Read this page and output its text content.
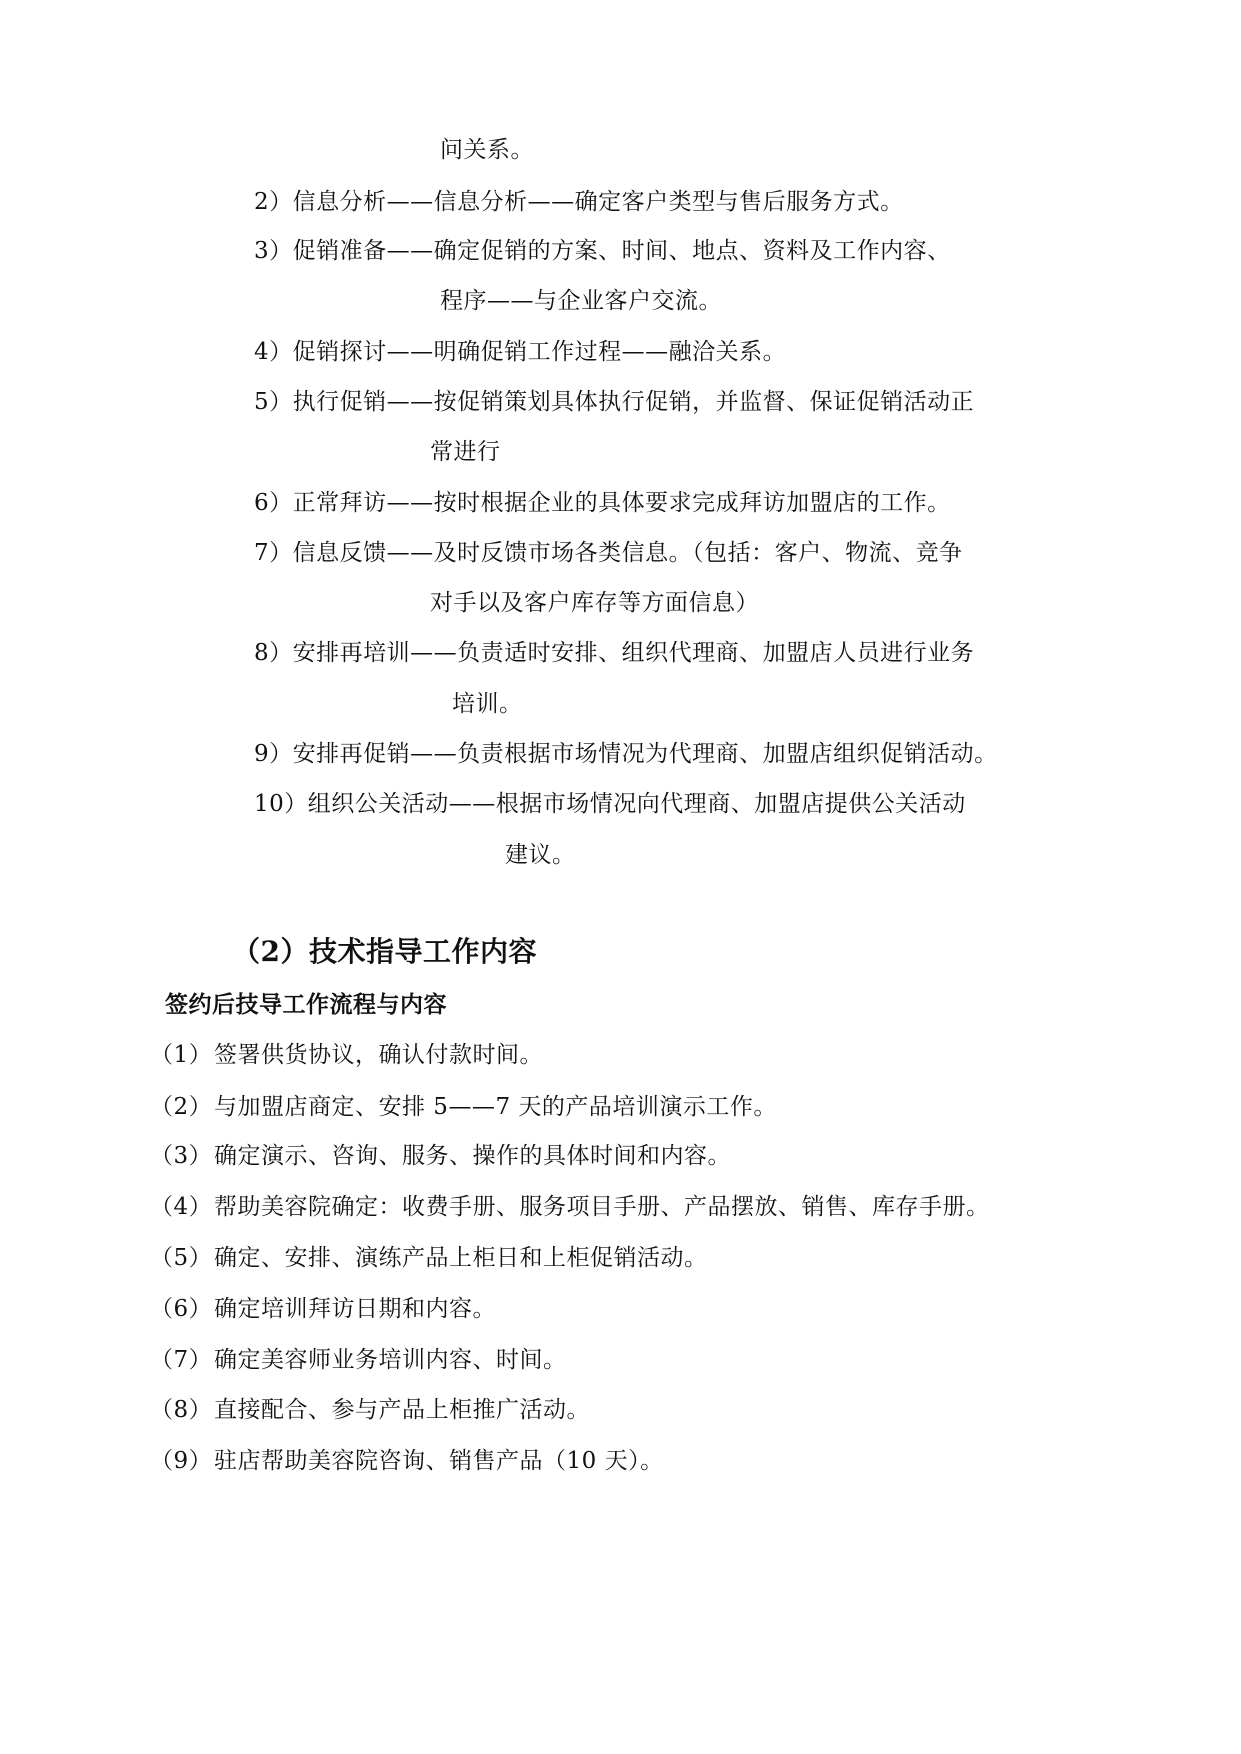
问关系。
2）信息分析——信息分析——确定客户类型与售后服务方式。
3）促销准备——确定促销的方案、时间、地点、资料及工作内容、
程序——与企业客户交流。
4）促销探讨——明确促销工作过程——融洽关系。
5）执行促销——按促销策划具体执行促销，并监督、保证促销活动正
常进行
6）正常拜访——按时根据企业的具体要求完成拜访加盟店的工作。
7）信息反馈——及时反馈市场各类信息。（包括：客户、物流、竞争
对手以及客户库存等方面信息）
8）安排再培训——负责适时安排、组织代理商、加盟店人员进行业务
培训。
9）安排再促销——负责根据市场情况为代理商、加盟店组织促销活动。
10）组织公关活动——根据市场情况向代理商、加盟店提供公关活动
建议。
（2）技术指导工作内容
签约后技导工作流程与内容
（1）签署供货协议，确认付款时间。
（2）与加盟店商定、安排 5——7 天的产品培训演示工作。
（3）确定演示、咨询、服务、操作的具体时间和内容。
（4）帮助美容院确定：收费手册、服务项目手册、产品摆放、销售、库存手册。
（5）确定、安排、演练产品上柜日和上柜促销活动。
（6）确定培训拜访日期和内容。
（7）确定美容师业务培训内容、时间。
（8）直接配合、参与产品上柜推广活动。
（9）驻店帮助美容院咨询、销售产品（10 天）。
